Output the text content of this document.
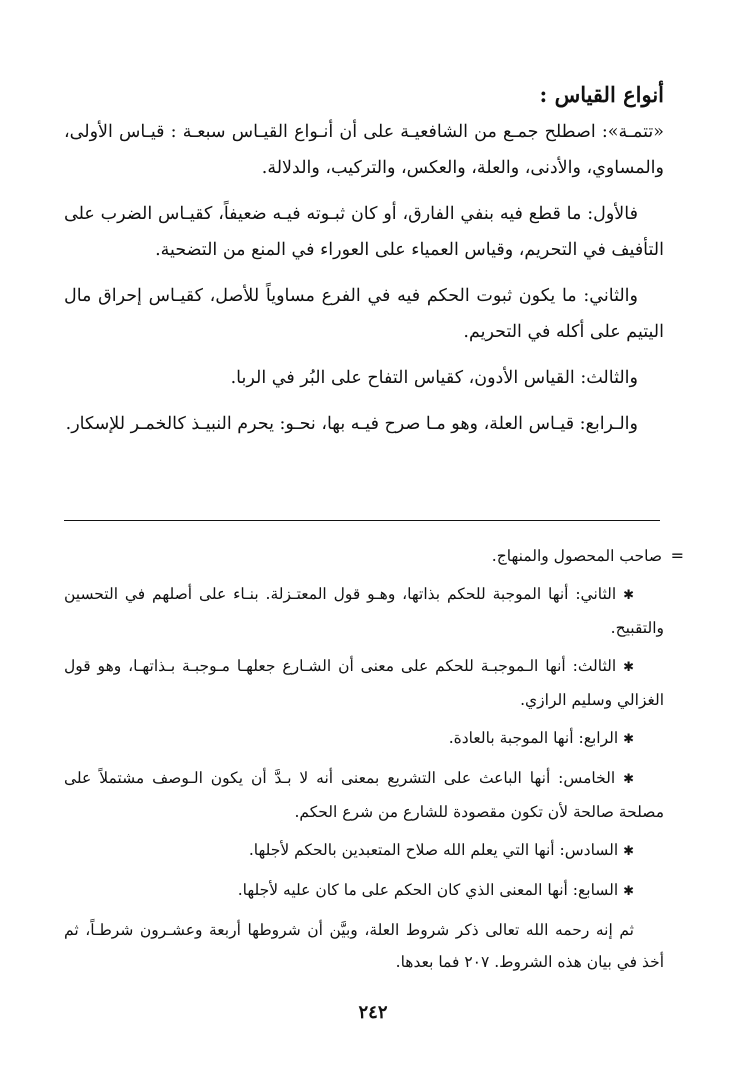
أنواع القياس :

«تتمـة»: اصطلح جمـع من الشافعيـة على أن أنـواع القيـاس سبعـة : قيـاس الأولى، والمساوي، والأدنى، والعلة، والعكس، والتركيب، والدلالة.

فالأول: ما قطع فيه بنفي الفارق، أو كان ثبـوته فيـه ضعيفاً، كقيـاس الضرب على التأفيف في التحريم، وقياس العمياء على العوراء في المنع من التضحية.

والثاني: ما يكون ثبوت الحكم فيه في الفرع مساوياً للأصل، كقيـاس إحراق مال اليتيم على أكله في التحريم.

والثالث: القياس الأدون، كقياس التفاح على البُر في الربا.

والـرابع: قيـاس العلة، وهو مـا صرح فيـه بها، نحـو: يحرم النبيـذ كالخمـر للإسكار.

=
صاحب المحصول والمنهاج.

✱ الثاني: أنها الموجبة للحكم بذاتها، وهـو قول المعتـزلة. بنـاء على أصلهم في التحسين والتقبيح.

✱ الثالث: أنها الـموجبـة للحكم على معنى أن الشـارع جعلهـا مـوجبـة بـذاتهـا، وهو قول الغزالي وسليم الرازي.

✱ الرابع: أنها الموجبة بالعادة.

✱ الخامس: أنها الباعث على التشريع بمعنى أنه لا بـدَّ أن يكون الـوصف مشتملاً على مصلحة صالحة لأن تكون مقصودة للشارع من شرع الحكم.

✱ السادس: أنها التي يعلم الله صلاح المتعبدين بالحكم لأجلها.

✱ السابع: أنها المعنى الذي كان الحكم على ما كان عليه لأجلها.

ثم إنه رحمه الله تعالى ذكر شروط العلة، وبيَّن أن شروطها أربعة وعشـرون شرطـاً، ثم أخذ في بيان هذه الشروط. ٢٠٧ فما بعدها.

٢٤٢
